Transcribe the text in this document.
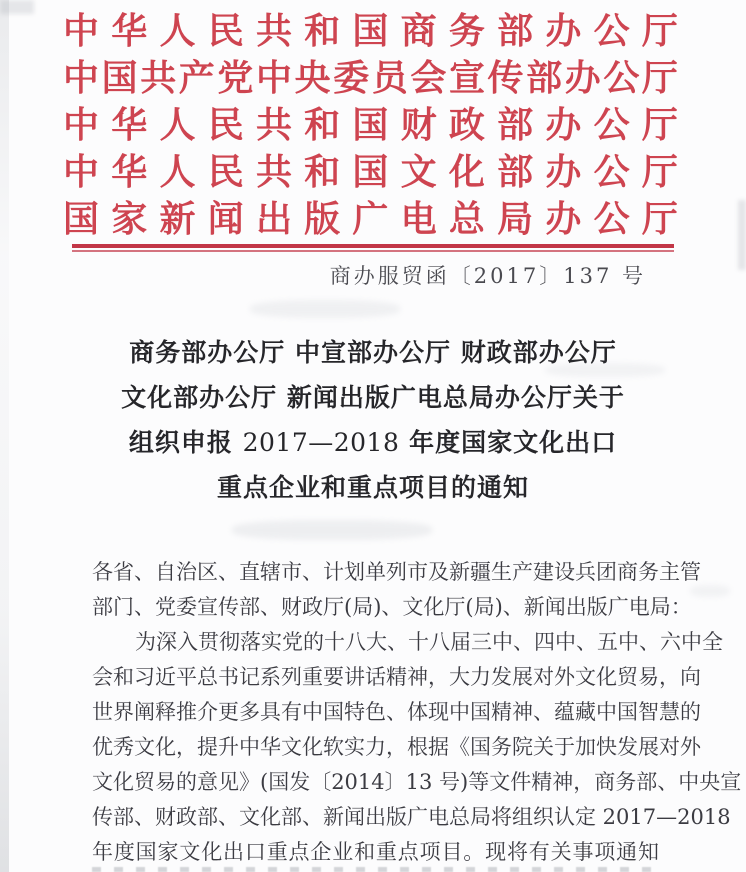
中 华 人 民 共 和 国 商 务 部 办 公 厅
中 国 共 产 党 中 央 委 员 会 宣 传 部 办 公 厅
中 华 人 民 共 和 国 财 政 部 办 公 厅
中 华 人 民 共 和 国 文 化 部 办 公 厅
国 家 新 闻 出 版 广 电 总 局 办 公 厅
商办服贸函〔2017〕137 号
商务部办公厅 中宣部办公厅 财政部办公厅
文化部办公厅 新闻出版广电总局办公厅关于
组织申报 2017—2018 年度国家文化出口
重点企业和重点项目的通知
各省、自治区、直辖市、计划单列市及新疆生产建设兵团商务主管
部门、党委宣传部、财政厅(局)、文化厅(局)、新闻出版广电局：
为深入贯彻落实党的十八大、十八届三中、四中、五中、六中全
会和习近平总书记系列重要讲话精神，大力发展对外文化贸易，向
世界阐释推介更多具有中国特色、体现中国精神、蕴藏中国智慧的
优秀文化，提升中华文化软实力，根据《国务院关于加快发展对外
文化贸易的意见》(国发〔2014〕13 号)等文件精神，商务部、中央宣
传部、财政部、文化部、新闻出版广电总局将组织认定 2017—2018
年度国家文化出口重点企业和重点项目。现将有关事项通知
